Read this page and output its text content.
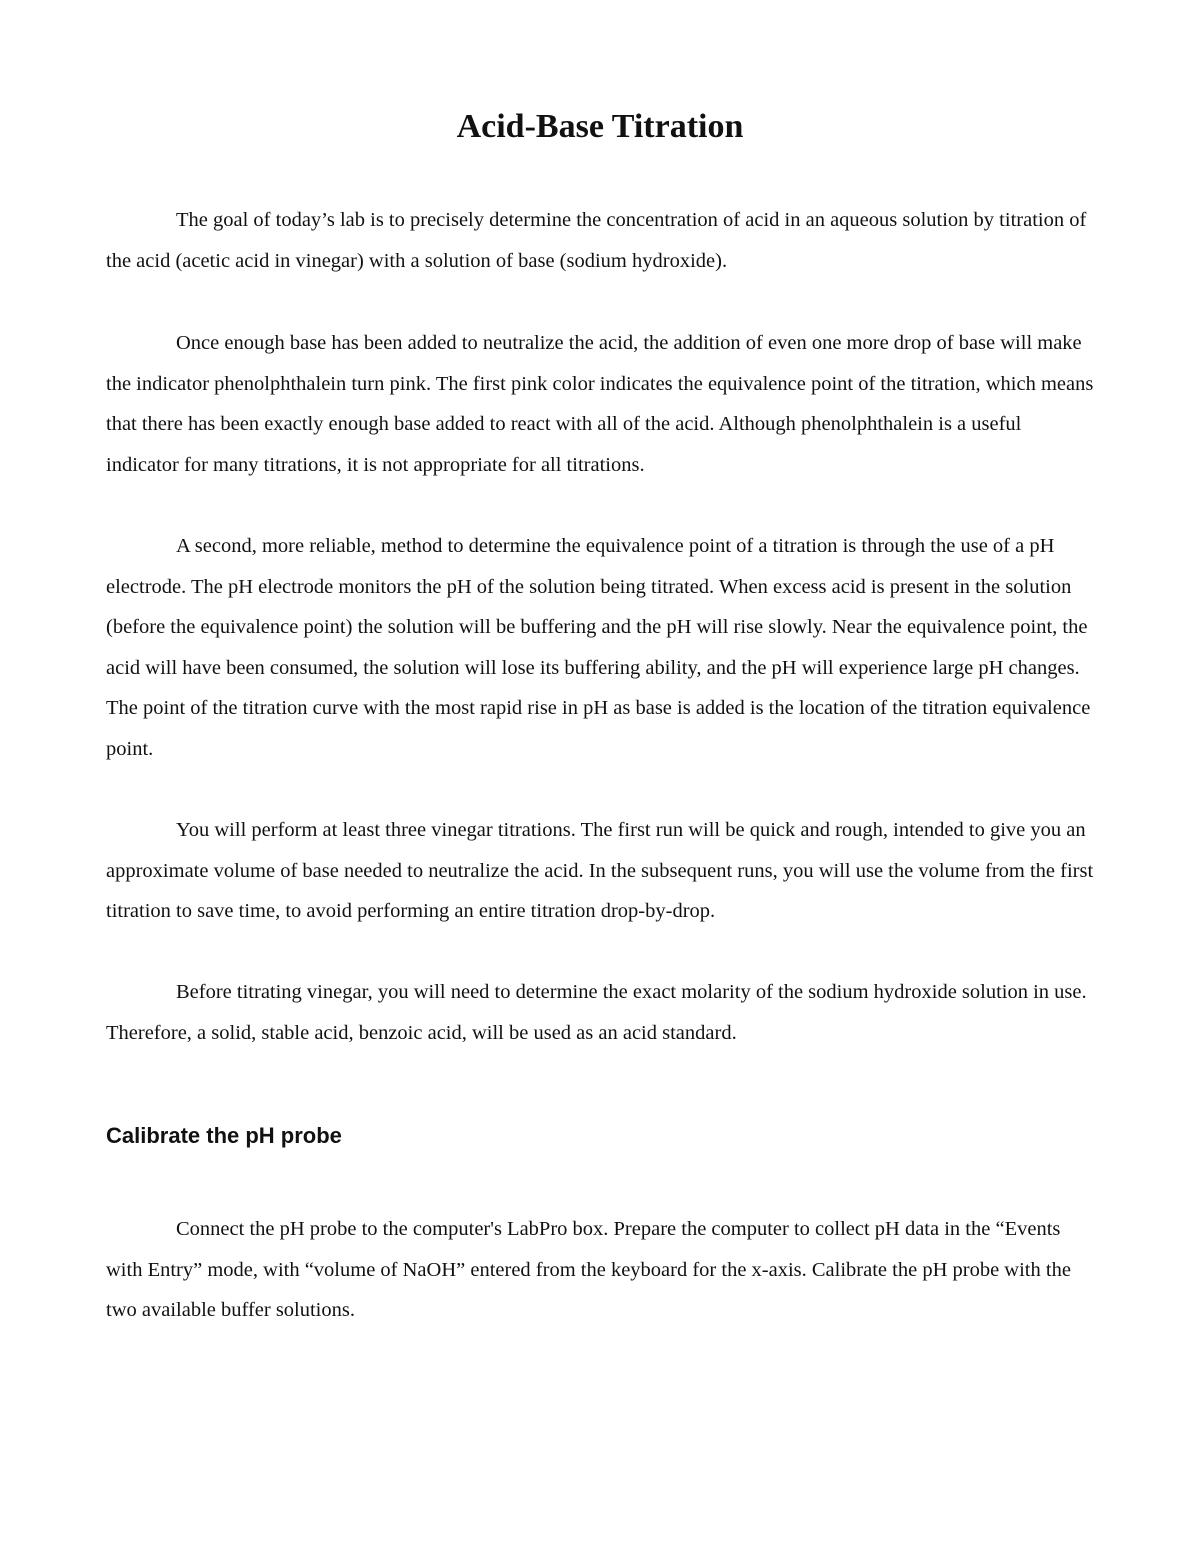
Acid-Base Titration

The goal of today’s lab is to precisely determine the concentration of acid in an aqueous solution by titration of the acid (acetic acid in vinegar) with a solution of base (sodium hydroxide).

Once enough base has been added to neutralize the acid, the addition of even one more drop of base will make the indicator phenolphthalein turn pink. The first pink color indicates the equivalence point of the titration, which means that there has been exactly enough base added to react with all of the acid. Although phenolphthalein is a useful indicator for many titrations, it is not appropriate for all titrations.

A second, more reliable, method to determine the equivalence point of a titration is through the use of a pH electrode. The pH electrode monitors the pH of the solution being titrated. When excess acid is present in the solution (before the equivalence point) the solution will be buffering and the pH will rise slowly. Near the equivalence point, the acid will have been consumed, the solution will lose its buffering ability, and the pH will experience large pH changes. The point of the titration curve with the most rapid rise in pH as base is added is the location of the titration equivalence point.

You will perform at least three vinegar titrations. The first run will be quick and rough, intended to give you an approximate volume of base needed to neutralize the acid. In the subsequent runs, you will use the volume from the first titration to save time, to avoid performing an entire titration drop-by-drop.

Before titrating vinegar, you will need to determine the exact molarity of the sodium hydroxide solution in use. Therefore, a solid, stable acid, benzoic acid, will be used as an acid standard.

Calibrate the pH probe

Connect the pH probe to the computer's LabPro box. Prepare the computer to collect pH data in the “Events with Entry” mode, with “volume of NaOH” entered from the keyboard for the x-axis. Calibrate the pH probe with the two available buffer solutions.
